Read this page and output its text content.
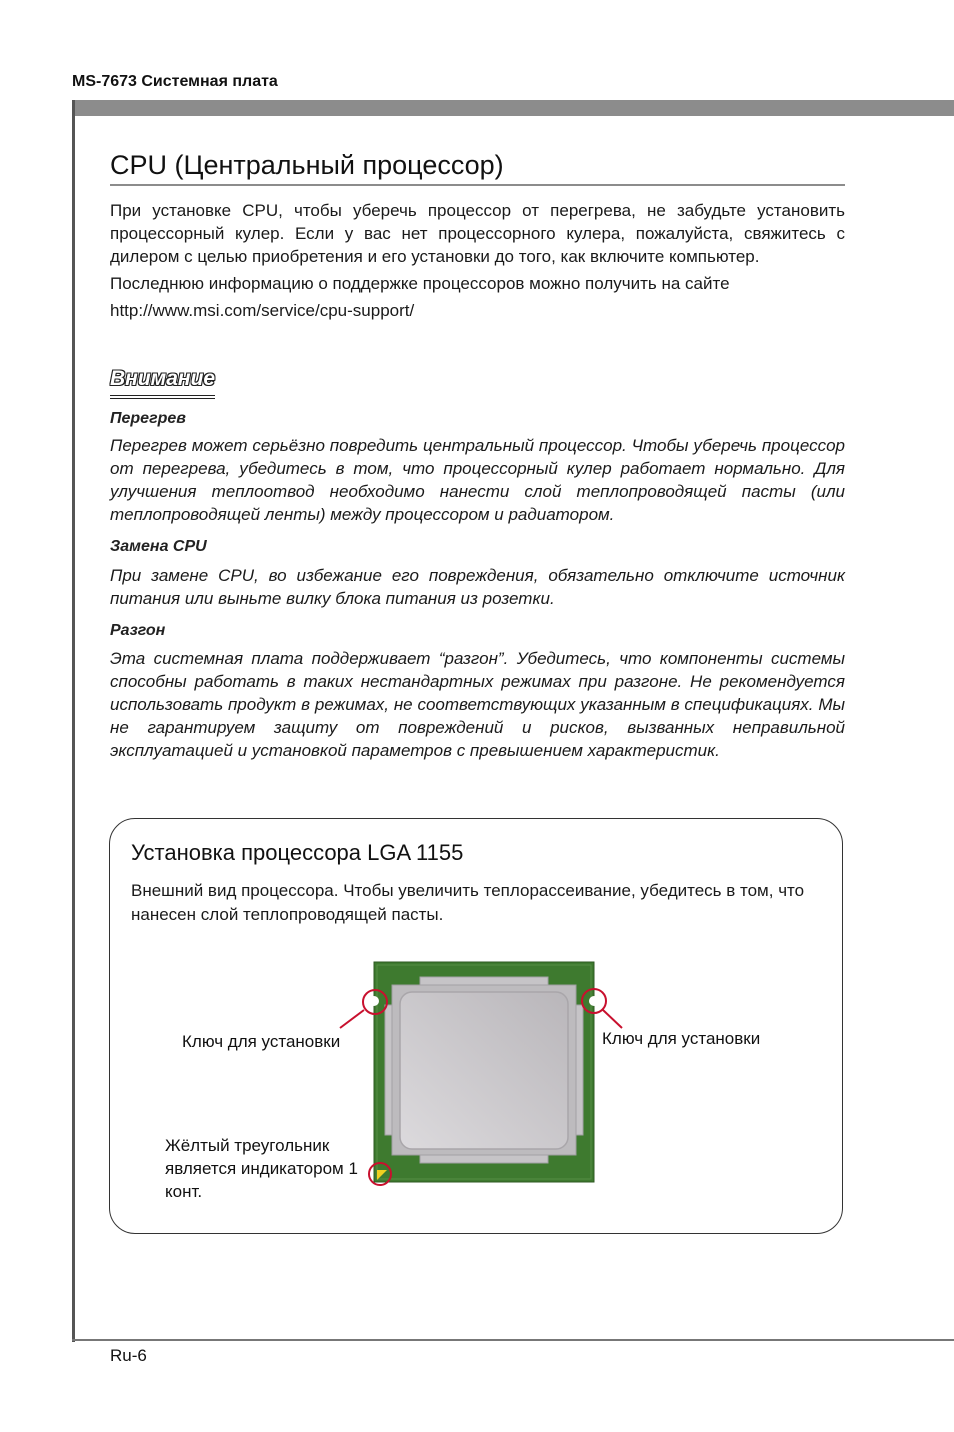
MS-7673 Системная плата
CPU (Центральный процессор)

При установке CPU, чтобы уберечь процессор от перегрева, не забудьте установить процессорный кулер. Если у вас нет процессорного кулера, пожалуйста, свяжитесь с дилером с целью приобретения и его установки до того, как включите компьютер.

Последнюю информацию о поддержке процессоров можно получить на сайте

http://www.msi.com/service/cpu-support/

Внимание
Перегрев
Перегрев может серьёзно повредить центральный процессор. Чтобы уберечь процессор от перегрева, убедитесь в том, что процессорный кулер работает нормально. Для улучшения теплоотвод необходимо нанести слой теплопроводящей пасты (или теплопроводящей ленты) между процессором и радиатором.
Замена CPU
При замене CPU, во избежание его повреждения, обязательно отключите источник питания или выньте вилку блока питания из розетки.
Разгон
Эта системная плата поддерживает “разгон”. Убедитесь, что компоненты системы способны работать в таких нестандартных режимах при разгоне. Не рекомендуется использовать продукт в режимах, не соответствующих указанным в спецификациях. Мы не гарантируем защиту от повреждений и рисков, вызванных неправильной эксплуатацией и установкой параметров с превышением характеристик.
Установка процессора LGA 1155
Внешний вид процессора. Чтобы увеличить теплорассеивание, убедитесь в том, что нанесен слой теплопроводящей пасты.
Ключ для установки	Ключ для установки
Жёлтый треугольник является индикатором 1 конт.
Ru-6
